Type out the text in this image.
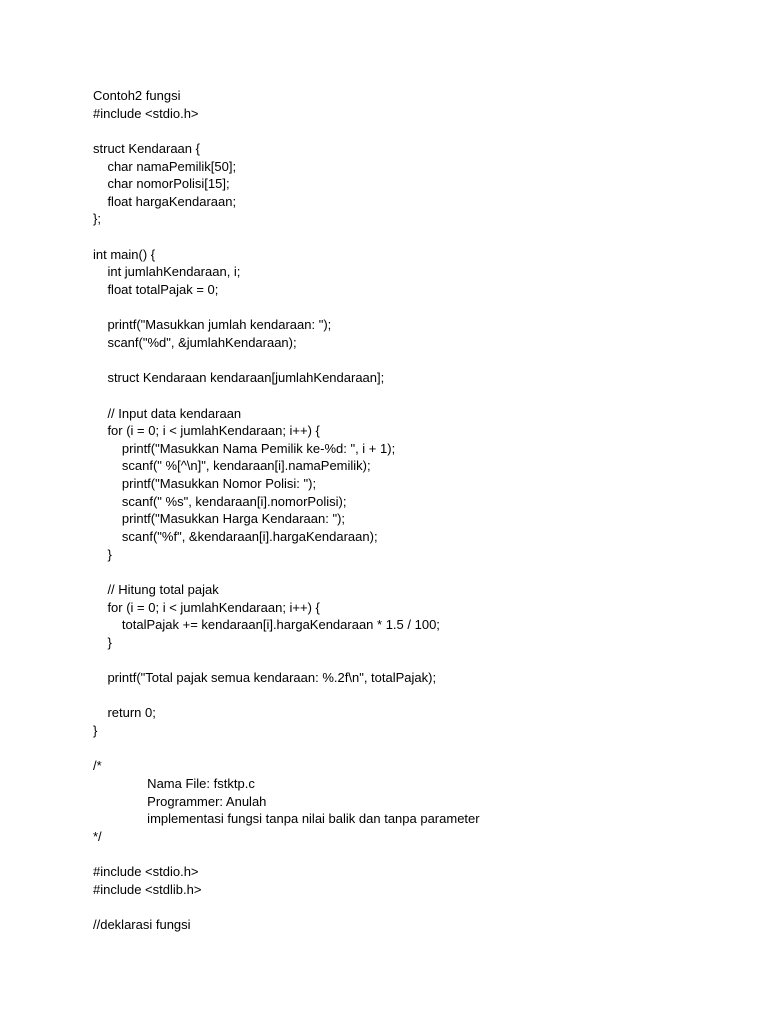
Contoh2 fungsi
#include <stdio.h>
struct Kendaraan {
char namaPemilik[50];
char nomorPolisi[15];
float hargaKendaraan;
};
int main() {
int jumlahKendaraan, i;
float totalPajak = 0;
printf("Masukkan jumlah kendaraan: ");
scanf("%d", &jumlahKendaraan);
struct Kendaraan kendaraan[jumlahKendaraan];
// Input data kendaraan
for (i = 0; i < jumlahKendaraan; i++) {
printf("Masukkan Nama Pemilik ke-%d: ", i + 1);
scanf(" %[^\n]", kendaraan[i].namaPemilik);
printf("Masukkan Nomor Polisi: ");
scanf(" %s", kendaraan[i].nomorPolisi);
printf("Masukkan Harga Kendaraan: ");
scanf("%f", &kendaraan[i].hargaKendaraan);
}
// Hitung total pajak
for (i = 0; i < jumlahKendaraan; i++) {
totalPajak += kendaraan[i].hargaKendaraan * 1.5 / 100;
}
printf("Total pajak semua kendaraan: %.2f\n", totalPajak);
return 0;
}
/*
Nama File: fstktp.c
Programmer: Anulah
implementasi fungsi tanpa nilai balik dan tanpa parameter
*/
#include <stdio.h>
#include <stdlib.h>
//deklarasi fungsi
